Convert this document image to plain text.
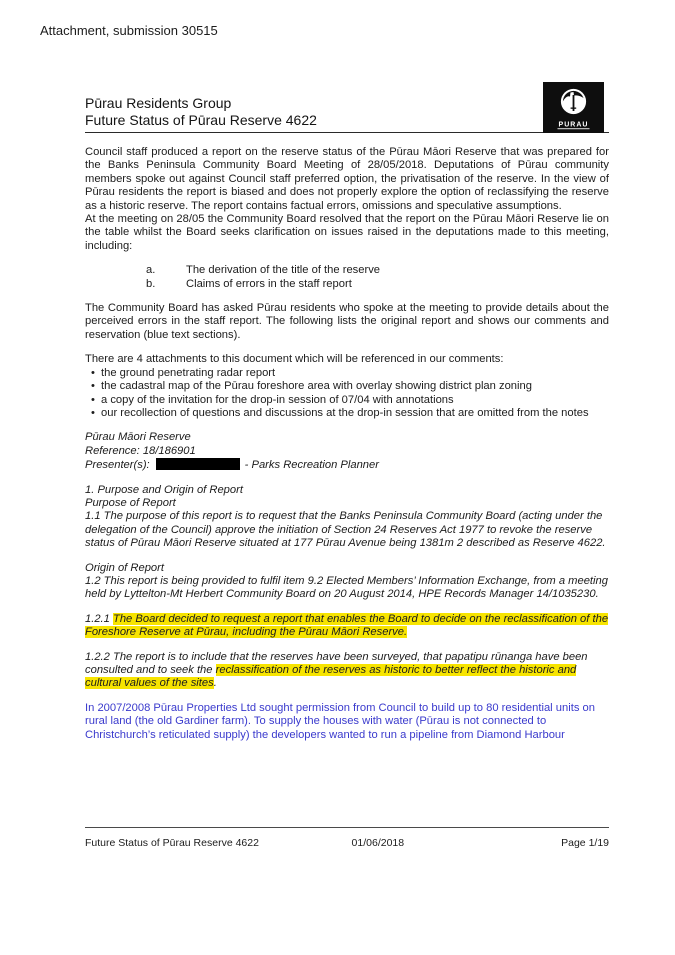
Attachment, submission 30515
Pūrau Residents Group
Future Status of Pūrau Reserve 4622	PURAU

Council staff produced a report on the reserve status of the Pūrau Māori Reserve that was prepared for the Banks Peninsula Community Board Meeting of 28/05/2018. Deputations of Pūrau community members spoke out against Council staff preferred option, the privatisation of the reserve. In the view of Pūrau residents the report is biased and does not properly explore the option of reclassifying the reserve as a historic reserve. The report contains factual errors, omissions and speculative assumptions.

At the meeting on 28/05 the Community Board resolved that the report on the Pūrau Māori Reserve lie on the table whilst the Board seeks clarification on issues raised in the deputations made to this meeting, including:

a.	The derivation of the title of the reserve
b.	Claims of errors in the staff report

The Community Board has asked Pūrau residents who spoke at the meeting to provide details about the perceived errors in the staff report. The following lists the original report and shows our comments and reservation (blue text sections).

There are 4 attachments to this document which will be referenced in our comments:

• the ground penetrating radar report
• the cadastral map of the Pūrau foreshore area with overlay showing district plan zoning
• a copy of the invitation for the drop-in session of 07/04 with annotations
• our recollection of questions and discussions at the drop-in session that are omitted from the notes
Pūrau Māori Reserve
Reference: 18/186901
Presenter(s):	- Parks Recreation Planner
1. Purpose and Origin of Report
Purpose of Report
1.1 The purpose of this report is to request that the Banks Peninsula Community Board (acting under the delegation of the Council) approve the initiation of Section 24 Reserves Act 1977 to revoke the reserve status of Pūrau Māori Reserve situated at 177 Pūrau Avenue being 1381m 2 described as Reserve 4622.
Origin of Report
1.2 This report is being provided to fulfil item 9.2 Elected Members’ Information Exchange, from a meeting held by Lyttelton-Mt Herbert Community Board on 20 August 2014, HPE Records Manager 14/1035230.

1.2.1 The Board decided to request a report that enables the Board to decide on the reclassification of the Foreshore Reserve at Pūrau, including the Pūrau Māori Reserve.

1.2.2 The report is to include that the reserves have been surveyed, that papatipu rūnanga have been consulted and to seek the reclassification of the reserves as historic to better reflect the historic and cultural values of the sites.

In 2007/2008 Pūrau Properties Ltd sought permission from Council to build up to 80 residential units on rural land (the old Gardiner farm). To supply the houses with water (Pūrau is not connected to Christchurch’s reticulated supply) the developers wanted to run a pipeline from Diamond Harbour

Future Status of Pūrau Reserve 4622	01/06/2018	Page 1/19
